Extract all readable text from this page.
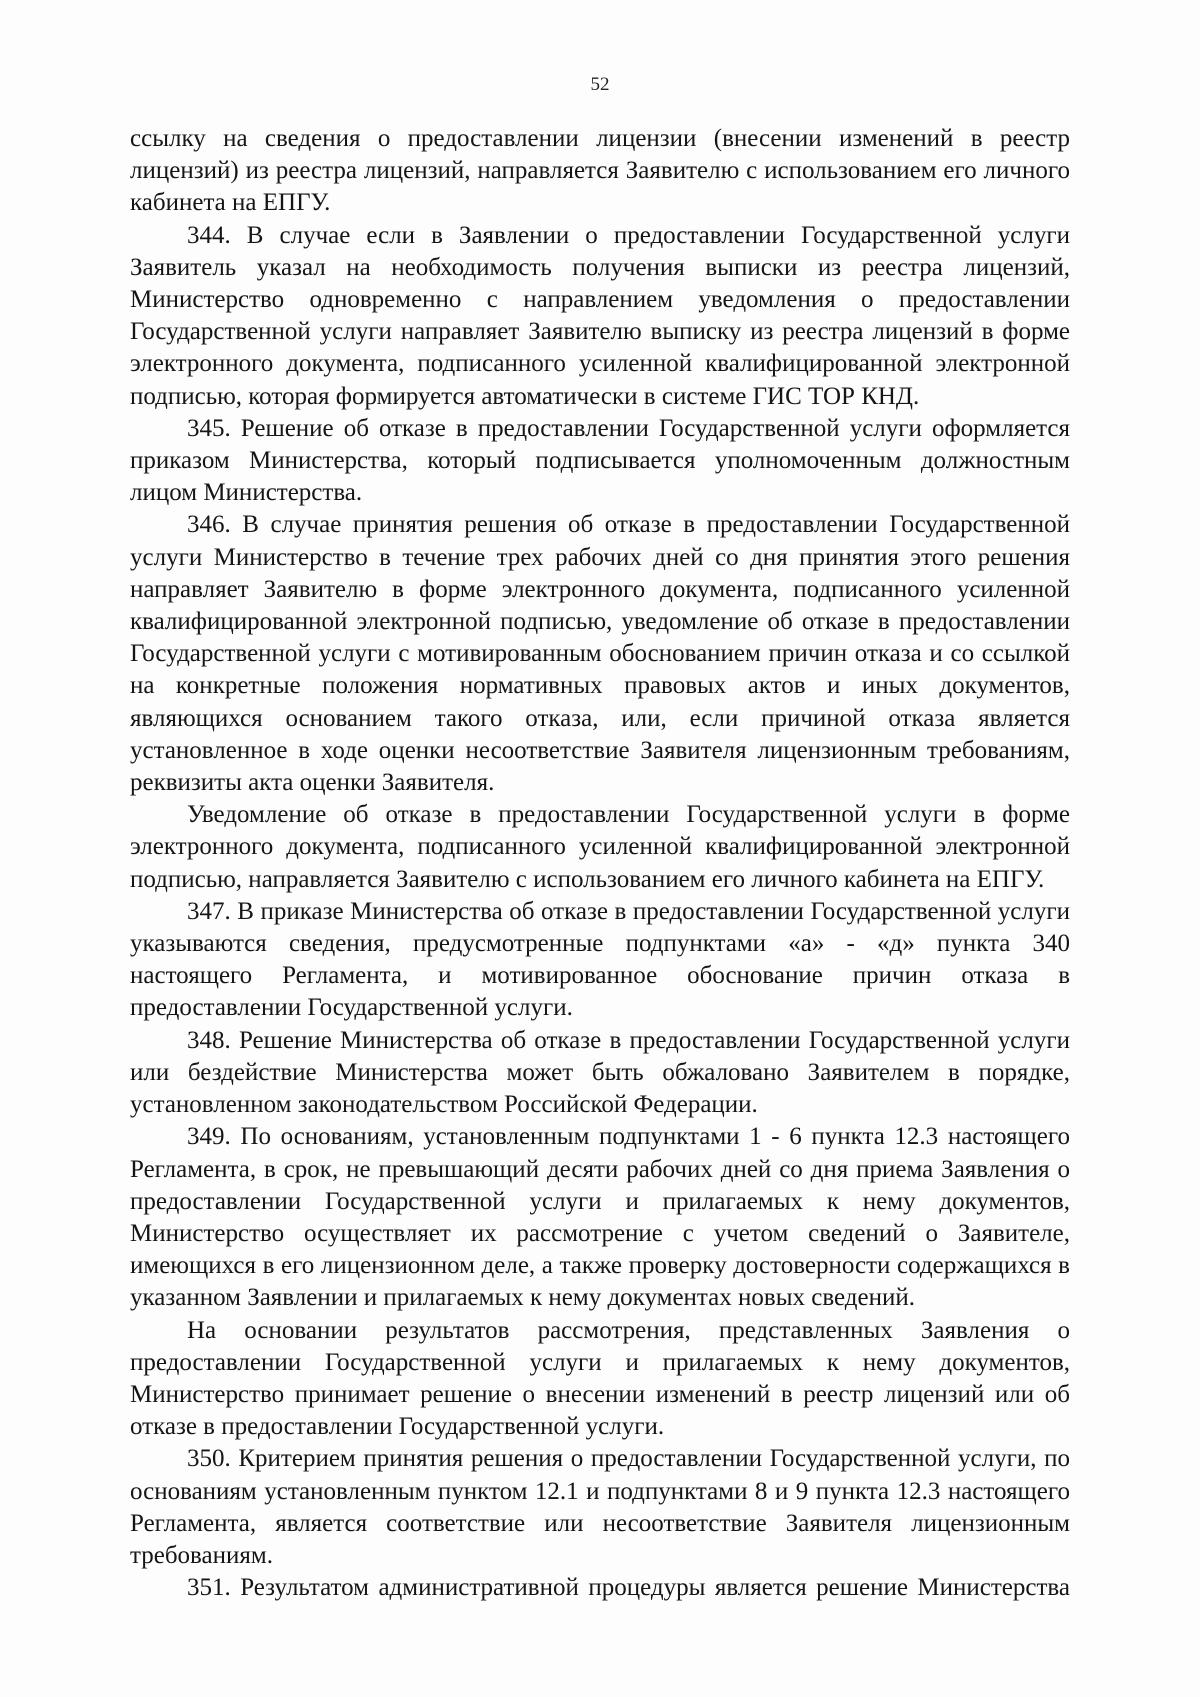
52

ссылку на сведения о предоставлении лицензии (внесении изменений в реестр лицензий) из реестра лицензий, направляется Заявителю с использованием его личного кабинета на ЕПГУ.

344. В случае если в Заявлении о предоставлении Государственной услуги Заявитель указал на необходимость получения выписки из реестра лицензий, Министерство одновременно с направлением уведомления о предоставлении Государственной услуги направляет Заявителю выписку из реестра лицензий в форме электронного документа, подписанного усиленной квалифицированной электронной подписью, которая формируется автоматически в системе ГИС ТОР КНД.

345. Решение об отказе в предоставлении Государственной услуги оформляется приказом Министерства, который подписывается уполномоченным должностным лицом Министерства.

346. В случае принятия решения об отказе в предоставлении Государственной услуги Министерство в течение трех рабочих дней со дня принятия этого решения направляет Заявителю в форме электронного документа, подписанного усиленной квалифицированной электронной подписью, уведомление об отказе в предоставлении Государственной услуги с мотивированным обоснованием причин отказа и со ссылкой на конкретные положения нормативных правовых актов и иных документов, являющихся основанием такого отказа, или, если причиной отказа является установленное в ходе оценки несоответствие Заявителя лицензионным требованиям, реквизиты акта оценки Заявителя.

Уведомление об отказе в предоставлении Государственной услуги в форме электронного документа, подписанного усиленной квалифицированной электронной подписью, направляется Заявителю с использованием его личного кабинета на ЕПГУ.

347. В приказе Министерства об отказе в предоставлении Государственной услуги указываются сведения, предусмотренные подпунктами «а» - «д» пункта 340 настоящего Регламента, и мотивированное обоснование причин отказа в предоставлении Государственной услуги.

348. Решение Министерства об отказе в предоставлении Государственной услуги или бездействие Министерства может быть обжаловано Заявителем в порядке, установленном законодательством Российской Федерации.

349. По основаниям, установленным подпунктами 1 - 6 пункта 12.3 настоящего Регламента, в срок, не превышающий десяти рабочих дней со дня приема Заявления о предоставлении Государственной услуги и прилагаемых к нему документов, Министерство осуществляет их рассмотрение с учетом сведений о Заявителе, имеющихся в его лицензионном деле, а также проверку достоверности содержащихся в указанном Заявлении и прилагаемых к нему документах новых сведений.

На основании результатов рассмотрения, представленных Заявления о предоставлении Государственной услуги и прилагаемых к нему документов, Министерство принимает решение о внесении изменений в реестр лицензий или об отказе в предоставлении Государственной услуги.

350. Критерием принятия решения о предоставлении Государственной услуги, по основаниям установленным пунктом 12.1 и подпунктами 8 и 9 пункта 12.3 настоящего Регламента, является соответствие или несоответствие Заявителя лицензионным требованиям.

351. Результатом административной процедуры является решение Министерства
